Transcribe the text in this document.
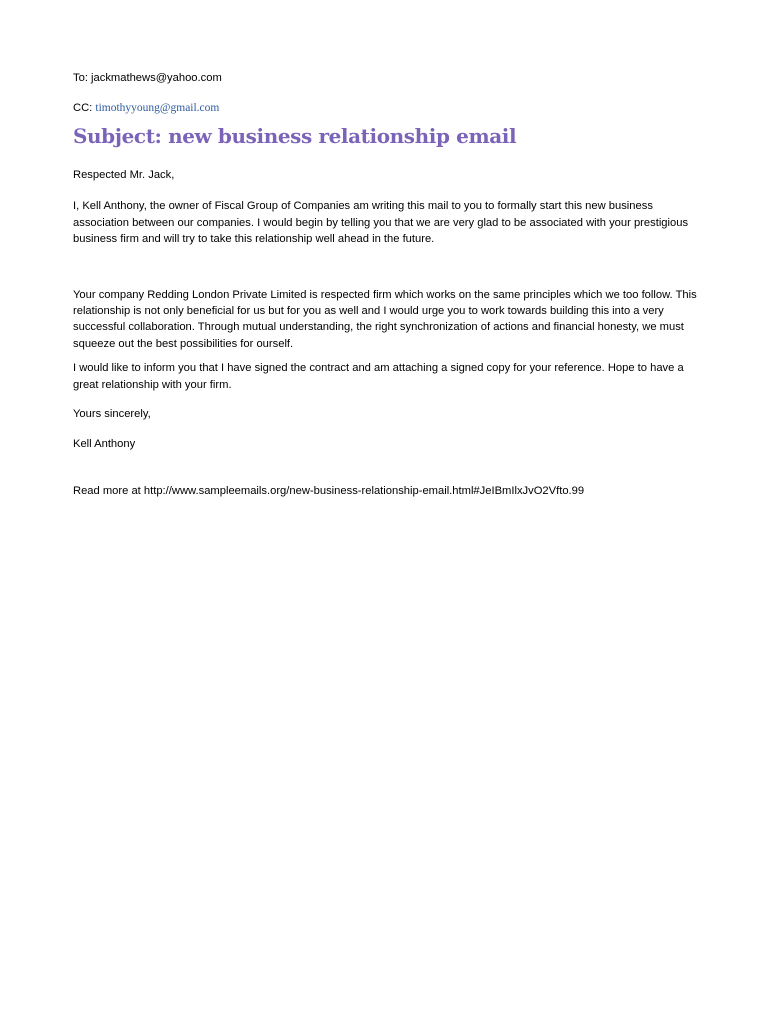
To: jackmathews@yahoo.com

CC: timothyyoung@gmail.com

Subject: new business relationship email

Respected Mr. Jack,

I, Kell Anthony, the owner of Fiscal Group of Companies am writing this mail to you to formally start this new business association between our companies. I would begin by telling you that we are very glad to be associated with your prestigious business firm and will try to take this relationship well ahead in the future.

Your company Redding London Private Limited is respected firm which works on the same principles which we too follow. This relationship is not only beneficial for us but for you as well and I would urge you to work towards building this into a very successful collaboration. Through mutual understanding, the right synchronization of actions and financial honesty, we must squeeze out the best possibilities for ourself.

I would like to inform you that I have signed the contract and am attaching a signed copy for your reference. Hope to have a great relationship with your firm.

Yours sincerely,

Kell Anthony

Read more at http://www.sampleemails.org/new-business-relationship-email.html#JeIBmIlxJvO2Vfto.99
